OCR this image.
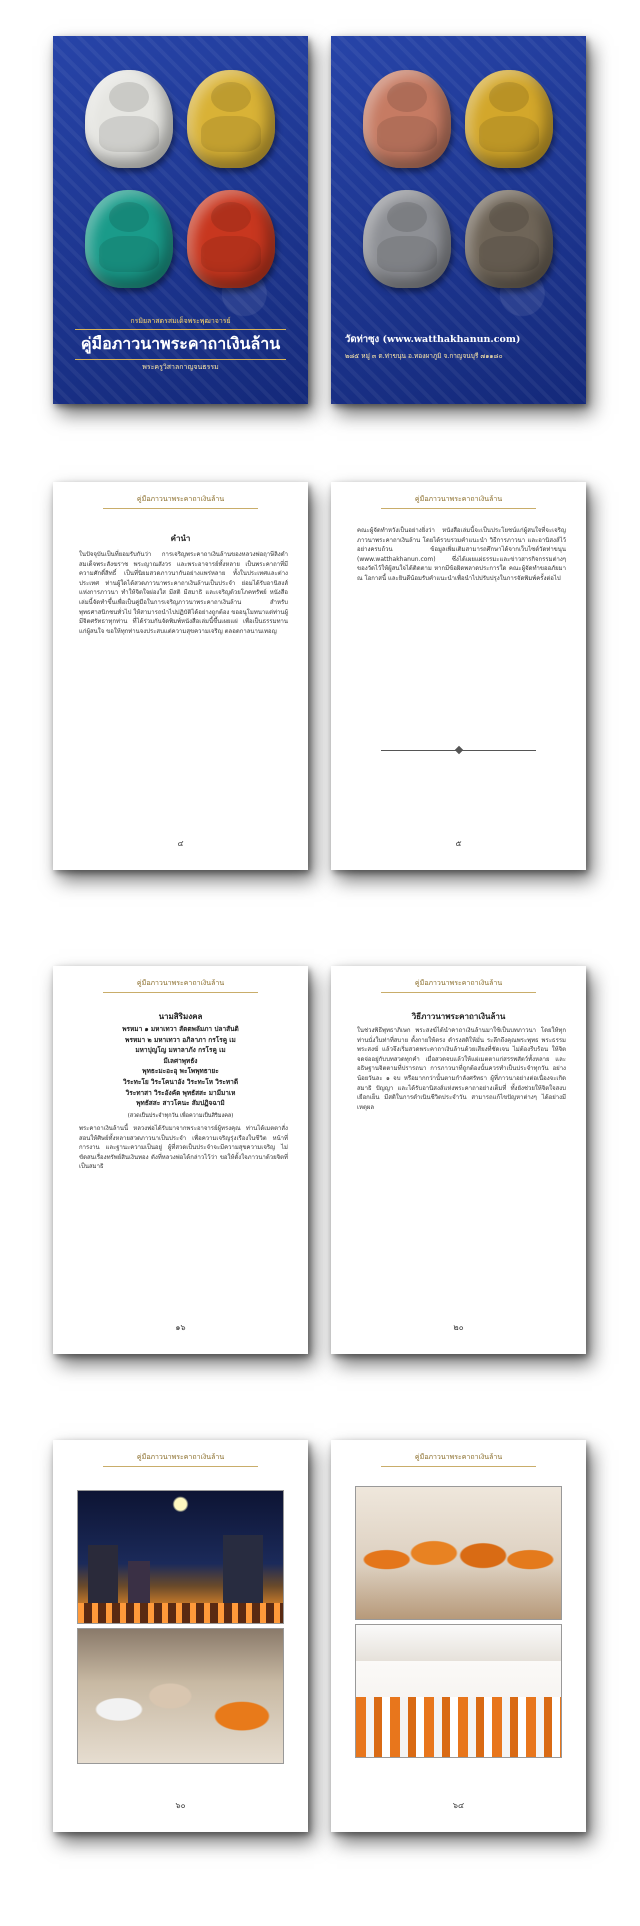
กรมิยลาสตรสมเด็จพระพุฒาจารย์
คู่มือภาวนาพระคาถาเงินล้าน
พระครูวิสาลกาญจนธรรม
วัดท่าซุง (www.watthakhanun.com)
๒๘๕ หมู่ ๓ ต.ท่าขนุน อ.ทองผาภูมิ จ.กาญจนบุรี ๗๑๑๘๐
คู่มือภาวนาพระคาถาเงินล้าน
คำนำ
ในปัจจุบันเป็นที่ยอมรับกันว่า การเจริญพระคาถาเงินล้านของหลวงพ่อฤาษีลิงดำ สมเด็จพระสังฆราช พระญาณสังวร และพระอาจารย์ทั้งหลาย เป็นพระคาถาที่มีความศักดิ์สิทธิ์ เป็นที่นิยมสวดภาวนากันอย่างแพร่หลาย ทั้งในประเทศและต่างประเทศ ท่านผู้ใดได้สวดภาวนาพระคาถาเงินล้านเป็นประจำ ย่อมได้รับอานิสงส์แห่งการภาวนา ทำให้จิตใจผ่องใส มีสติ มีสมาธิ และเจริญด้วยโภคทรัพย์ หนังสือเล่มนี้จัดทำขึ้นเพื่อเป็นคู่มือในการเจริญภาวนาพระคาถาเงินล้าน สำหรับพุทธศาสนิกชนทั่วไป ให้สามารถนำไปปฏิบัติได้อย่างถูกต้อง ขออนุโมทนาแด่ท่านผู้มีจิตศรัทธาทุกท่าน ที่ได้ร่วมกันจัดพิมพ์หนังสือเล่มนี้ขึ้นเผยแผ่ เพื่อเป็นธรรมทานแก่ผู้สนใจ ขอให้ทุกท่านจงประสบแต่ความสุขความเจริญ ตลอดกาลนานเทอญ
๔
คู่มือภาวนาพระคาถาเงินล้าน
คณะผู้จัดทำหวังเป็นอย่างยิ่งว่า หนังสือเล่มนี้จะเป็นประโยชน์แก่ผู้สนใจที่จะเจริญภาวนาพระคาถาเงินล้าน โดยได้รวบรวมคำแนะนำ วิธีการภาวนา และอานิสงส์ไว้อย่างครบถ้วน ข้อมูลเพิ่มเติมสามารถศึกษาได้จากเว็บไซต์วัดท่าขนุน (www.watthakhanun.com) ซึ่งได้เผยแผ่ธรรมะและข่าวสารกิจกรรมต่างๆ ของวัดไว้ให้ผู้สนใจได้ติดตาม หากมีข้อผิดพลาดประการใด คณะผู้จัดทำขออภัยมา ณ โอกาสนี้ และยินดีน้อมรับคำแนะนำเพื่อนำไปปรับปรุงในการจัดพิมพ์ครั้งต่อไป
๕
คู่มือภาวนาพระคาถาเงินล้าน
นามสิริมงคล
พรหมา ๑ มหาเทวา สัตตพลัมภา ปลาสันติ
พรหมา ๒ มหาเทวา อภิลาภา กรโรคู เม
มหาปุญโญ มหาลาภัง กรโรคู เม
มีเลศาพุทธัง
พุทธะมะอะอุ พะโพพุทธายะ
วิระทะโย วิระโคนาอัง วิระทะโห วิระทาตี
วิระทาสา วิระอังคัต พุทธัสสะ มามีมาเห
พุทธัสสะ สาวโคนะ สัมปฏิจฉามิ
(สวดเป็นประจำทุกวัน เพื่อความเป็นสิริมงคล)
พระคาถาเงินล้านนี้ หลวงพ่อได้รับมาจากพระอาจารย์ผู้ทรงคุณ ท่านได้เมตตาสั่งสอนให้ศิษย์ทั้งหลายสวดภาวนาเป็นประจำ เพื่อความเจริญรุ่งเรืองในชีวิต หน้าที่การงาน และฐานะความเป็นอยู่ ผู้ที่สวดเป็นประจำจะมีความสุขความเจริญ ไม่ขัดสนเรื่องทรัพย์สินเงินทอง ดังที่หลวงพ่อได้กล่าวไว้ว่า ขอให้ตั้งใจภาวนาด้วยจิตที่เป็นสมาธิ
๑๖
คู่มือภาวนาพระคาถาเงินล้าน
วิธีภาวนาพระคาถาเงินล้าน
ในช่วงพิธีพุทธาภิเษก พระสงฆ์ได้นำคาถาเงินล้านมาใช้เป็นบทภาวนา โดยให้ทุกท่านนั่งในท่าที่สบาย ตั้งกายให้ตรง ดำรงสติให้มั่น ระลึกถึงคุณพระพุทธ พระธรรม พระสงฆ์ แล้วจึงเริ่มสวดพระคาถาเงินล้านด้วยเสียงที่ชัดเจน ไม่ต้องรีบร้อน ให้จิตจดจ่ออยู่กับบทสวดทุกคำ เมื่อสวดจบแล้วให้แผ่เมตตาแก่สรรพสัตว์ทั้งหลาย และอธิษฐานจิตตามที่ปรารถนา การภาวนาที่ถูกต้องนั้นควรทำเป็นประจำทุกวัน อย่างน้อยวันละ ๑ จบ หรือมากกว่านั้นตามกำลังศรัทธา ผู้ที่ภาวนาอย่างต่อเนื่องจะเกิดสมาธิ ปัญญา และได้รับอานิสงส์แห่งพระคาถาอย่างเต็มที่ ทั้งยังช่วยให้จิตใจสงบเยือกเย็น มีสติในการดำเนินชีวิตประจำวัน สามารถแก้ไขปัญหาต่างๆ ได้อย่างมีเหตุผล
๒๐
คู่มือภาวนาพระคาถาเงินล้าน
๖๐
คู่มือภาวนาพระคาถาเงินล้าน
๖๔
